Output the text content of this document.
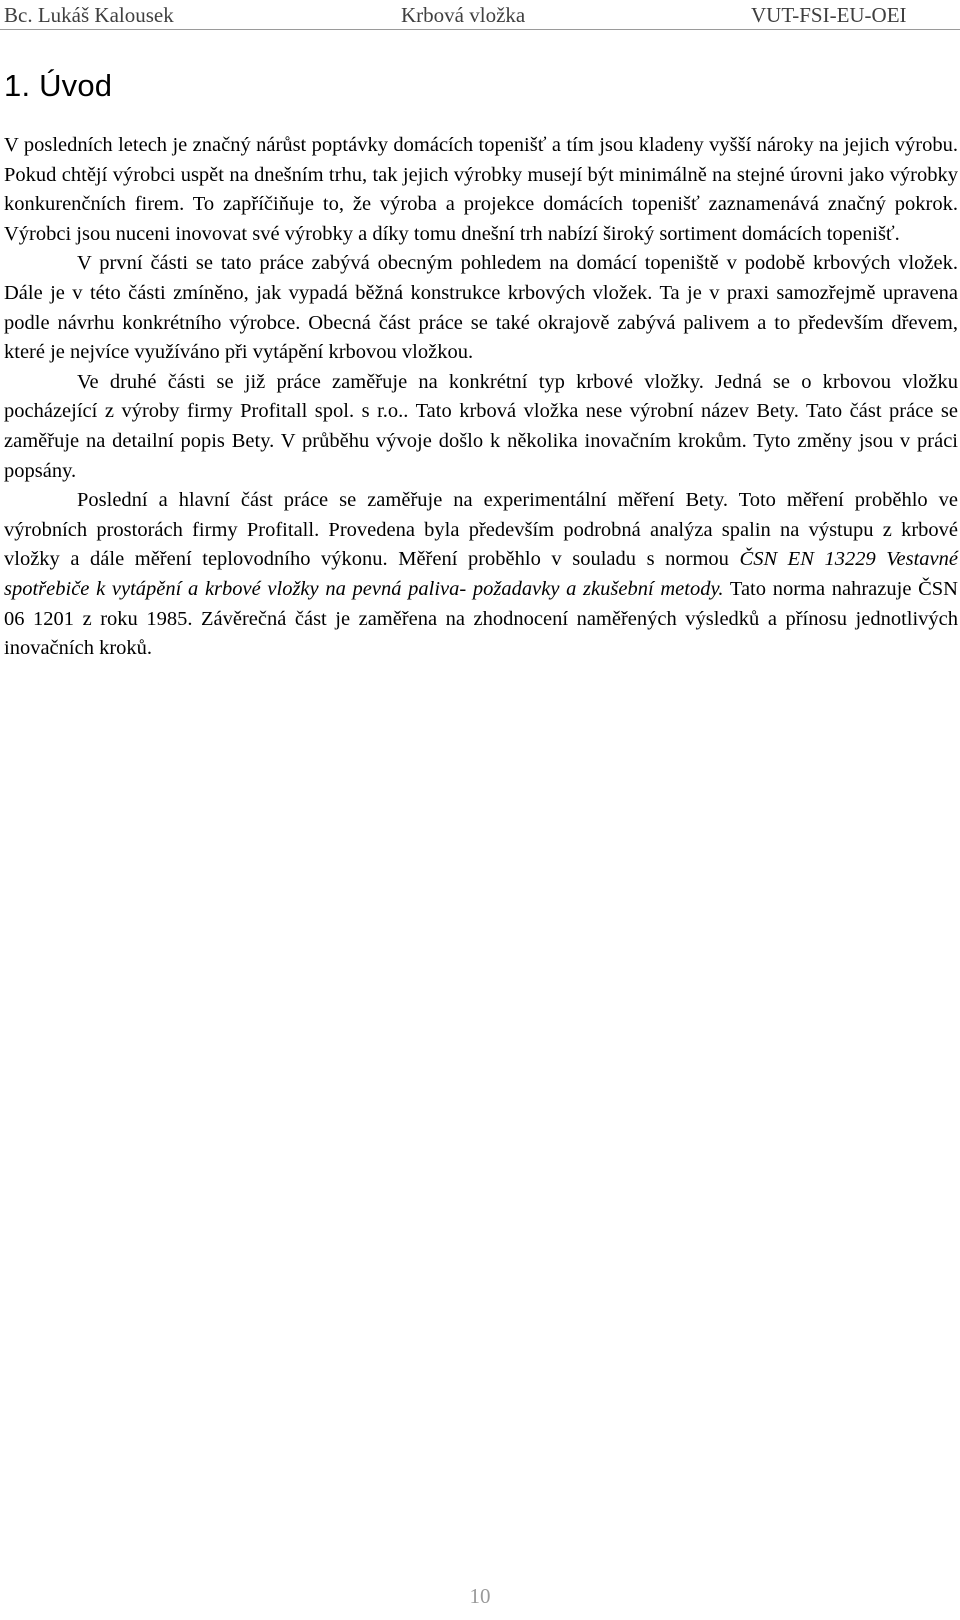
Bc. Lukáš Kalousek	Krbová vložka	VUT-FSI-EU-OEI
1. Úvod

V posledních letech je značný nárůst poptávky domácích topenišť a tím jsou kladeny vyšší nároky na jejich výrobu. Pokud chtějí výrobci uspět na dnešním trhu, tak jejich výrobky musejí být minimálně na stejné úrovni jako výrobky konkurenčních firem. To zapříčiňuje to, že výroba a projekce domácích topenišť zaznamenává značný pokrok. Výrobci jsou nuceni inovovat své výrobky a díky tomu dnešní trh nabízí široký sortiment domácích topenišť.

V první části se tato práce zabývá obecným pohledem na domácí topeniště v podobě krbových vložek. Dále je v této části zmíněno, jak vypadá běžná konstrukce krbových vložek. Ta je v praxi samozřejmě upravena podle návrhu konkrétního výrobce. Obecná část práce se také okrajově zabývá palivem a to především dřevem, které je nejvíce využíváno při vytápění krbovou vložkou.

Ve druhé části se již práce zaměřuje na konkrétní typ krbové vložky. Jedná se o krbovou vložku pocházející z výroby firmy Profitall spol. s r.o.. Tato krbová vložka nese výrobní název Bety. Tato část práce se zaměřuje na detailní popis Bety. V průběhu vývoje došlo k několika inovačním krokům. Tyto změny jsou v práci popsány.

Poslední a hlavní část práce se zaměřuje na experimentální měření Bety. Toto měření proběhlo ve výrobních prostorách firmy Profitall. Provedena byla především podrobná analýza spalin na výstupu z krbové vložky a dále měření teplovodního výkonu. Měření proběhlo v souladu s normou ČSN EN 13229 Vestavné spotřebiče k vytápění a krbové vložky na pevná paliva- požadavky a zkušební metody. Tato norma nahrazuje ČSN 06 1201 z roku 1985. Závěrečná část je zaměřena na zhodnocení naměřených výsledků a přínosu jednotlivých inovačních kroků.

10
